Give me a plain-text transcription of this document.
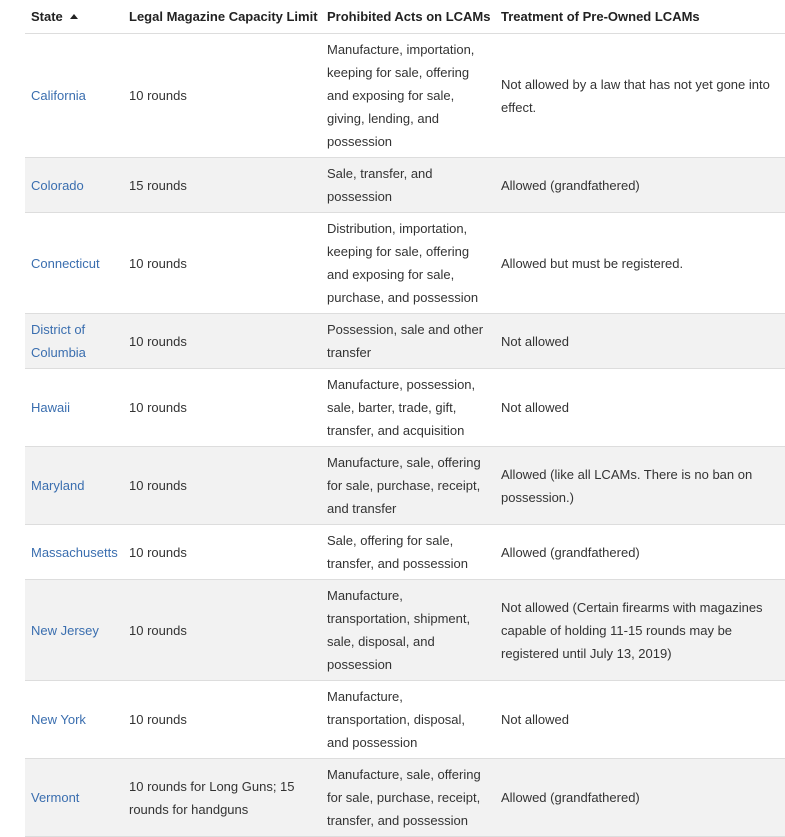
State	Legal Magazine Capacity Limit	Prohibited Acts on LCAMs	Treatment of Pre-Owned LCAMs
California	10 rounds	Manufacture, importation, keeping for sale, offering and exposing for sale, giving, lending, and possession	Not allowed by a law that has not yet gone into effect.
Colorado	15 rounds	Sale, transfer, and possession	Allowed (grandfathered)
Connecticut	10 rounds	Distribution, importation, keeping for sale, offering and exposing for sale, purchase, and possession	Allowed but must be registered.
District of Columbia	10 rounds	Possession, sale and other transfer	Not allowed
Hawaii	10 rounds	Manufacture, possession, sale, barter, trade, gift, transfer, and acquisition	Not allowed
Maryland	10 rounds	Manufacture, sale, offering for sale, purchase, receipt, and transfer	Allowed (like all LCAMs. There is no ban on possession.)
Massachusetts	10 rounds	Sale, offering for sale, transfer, and possession	Allowed (grandfathered)
New Jersey	10 rounds	Manufacture, transportation, shipment, sale, disposal, and possession	Not allowed (Certain firearms with magazines capable of holding 11-15 rounds may be registered until July 13, 2019)
New York	10 rounds	Manufacture, transportation, disposal, and possession	Not allowed
Vermont	10 rounds for Long Guns; 15 rounds for handguns	Manufacture, sale, offering for sale, purchase, receipt, transfer, and possession	Allowed (grandfathered)
